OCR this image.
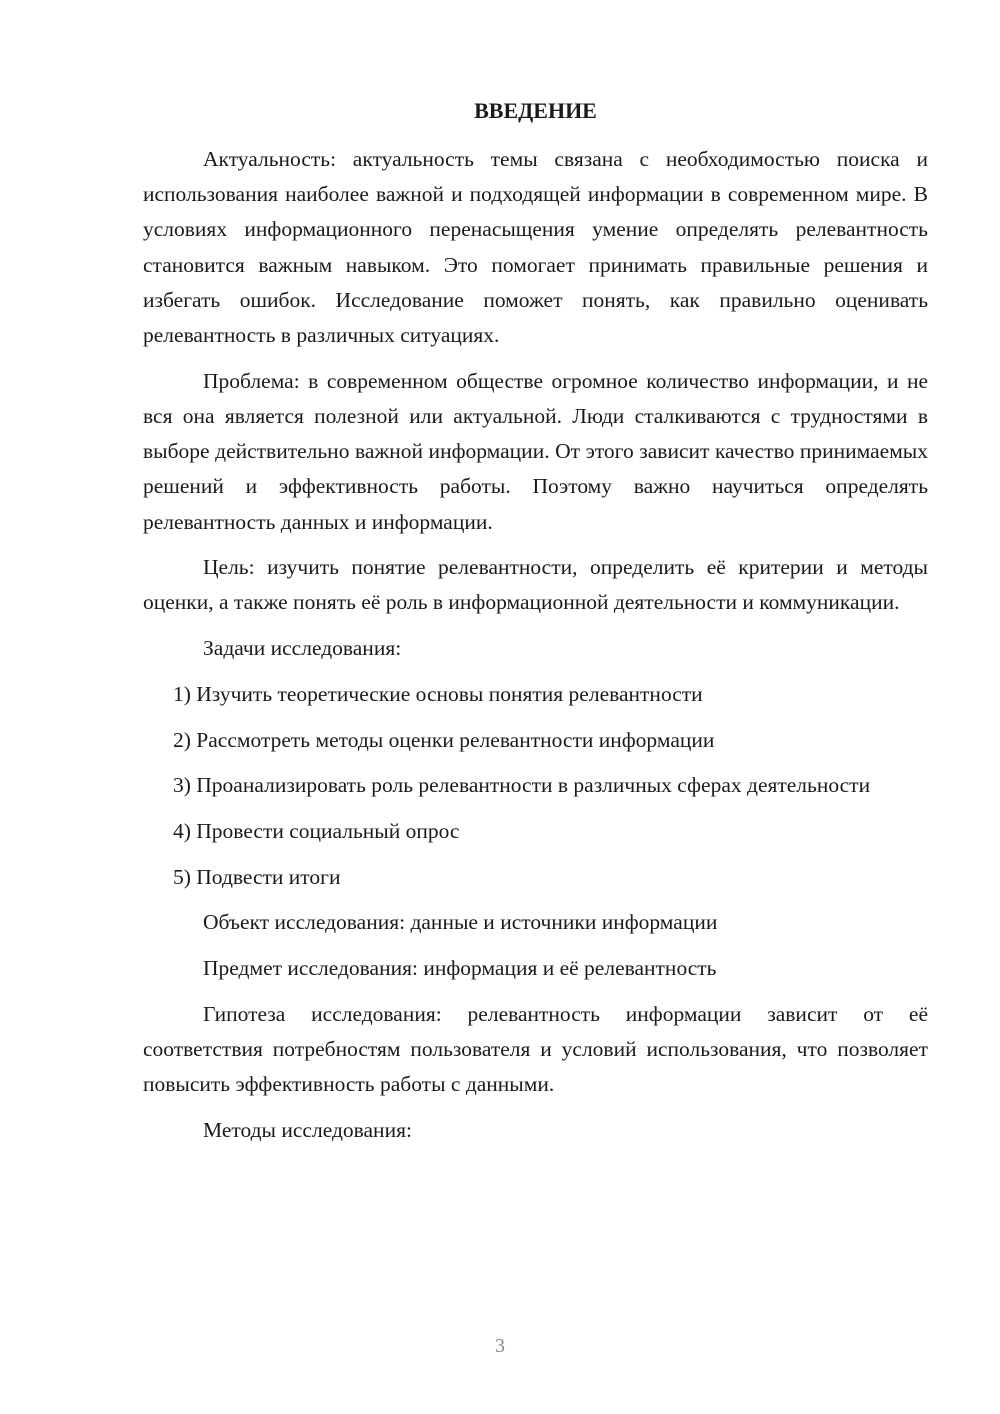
ВВЕДЕНИЕ

Актуальность: актуальность темы связана с необходимостью поиска и использования наиболее важной и подходящей информации в современном мире. В условиях информационного перенасыщения умение определять релевантность становится важным навыком. Это помогает принимать правильные решения и избегать ошибок. Исследование поможет понять, как правильно оценивать релевантность в различных ситуациях.

Проблема: в современном обществе огромное количество информации, и не вся она является полезной или актуальной. Люди сталкиваются с трудностями в выборе действительно важной информации. От этого зависит качество принимаемых решений и эффективность работы. Поэтому важно научиться определять релевантность данных и информации.

Цель: изучить понятие релевантности, определить её критерии и методы оценки, а также понять её роль в информационной деятельности и коммуникации.

Задачи исследования:

1) Изучить теоретические основы понятия релевантности

2) Рассмотреть методы оценки релевантности информации

3) Проанализировать роль релевантности в различных сферах деятельности

4) Провести социальный опрос

5) Подвести итоги

Объект исследования: данные и источники информации

Предмет исследования: информация и её релевантность

Гипотеза исследования: релевантность информации зависит от её соответствия потребностям пользователя и условий использования, что позволяет повысить эффективность работы с данными.

Методы исследования:

3
